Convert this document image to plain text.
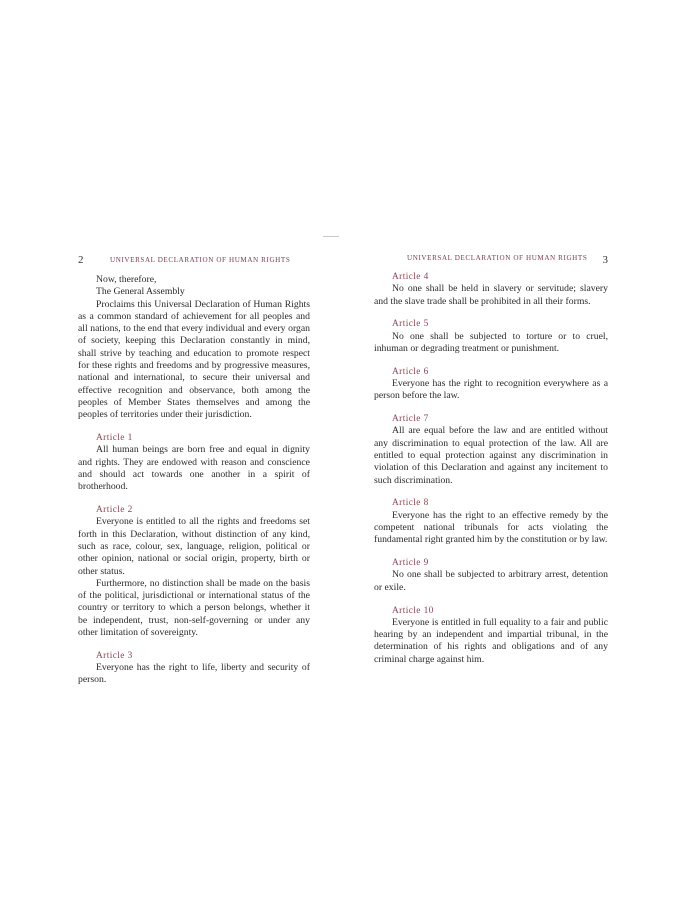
2	UNIVERSAL DECLARATION OF HUMAN RIGHTS

Now, therefore,

The General Assembly

Proclaims this Universal Declaration of Human Rights as a common standard of achievement for all peoples and all nations, to the end that every individual and every organ of society, keeping this Declaration constantly in mind, shall strive by teaching and education to promote respect for these rights and freedoms and by progressive measures, national and international, to secure their universal and effective recognition and observance, both among the peoples of Member States themselves and among the peoples of territories under their jurisdiction.

Article 1

All human beings are born free and equal in dignity and rights. They are endowed with reason and conscience and should act towards one another in a spirit of brotherhood.

Article 2

Everyone is entitled to all the rights and freedoms set forth in this Declaration, without distinction of any kind, such as race, colour, sex, language, religion, political or other opinion, national or social origin, property, birth or other status.

Furthermore, no distinction shall be made on the basis of the political, jurisdictional or international status of the country or territory to which a person belongs, whether it be independent, trust, non-self-governing or under any other limitation of sovereignty.

Article 3

Everyone has the right to life, liberty and security of person.

UNIVERSAL DECLARATION OF HUMAN RIGHTS 3
Article 4

No one shall be held in slavery or servitude; slavery and the slave trade shall be prohibited in all their forms.

Article 5

No one shall be subjected to torture or to cruel, inhuman or degrading treatment or punishment.

Article 6

Everyone has the right to recognition everywhere as a person before the law.

Article 7

All are equal before the law and are entitled without any discrimination to equal protection of the law. All are entitled to equal protection against any discrimination in violation of this Declaration and against any incitement to such discrimination.

Article 8

Everyone has the right to an effective remedy by the competent national tribunals for acts violating the fundamental right granted him by the constitution or by law.

Article 9

No one shall be subjected to arbitrary arrest, detention or exile.

Article 10

Everyone is entitled in full equality to a fair and public hearing by an independent and impartial tribunal, in the determination of his rights and obligations and of any criminal charge against him.
